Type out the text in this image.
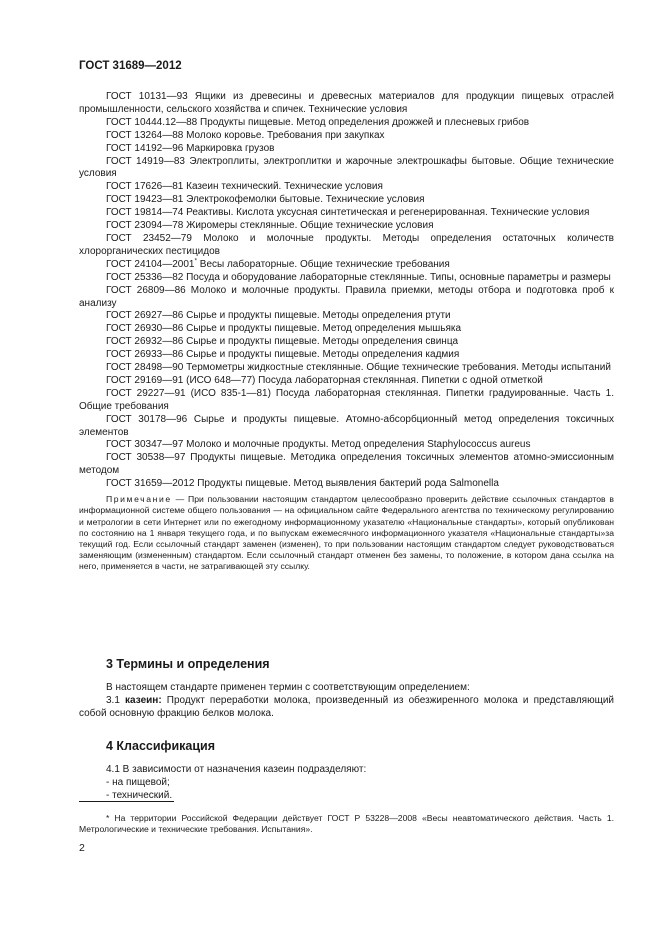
ГОСТ 31689—2012
ГОСТ 10131—93 Ящики из древесины и древесных материалов для продукции пищевых отраслей промышленности, сельского хозяйства и спичек. Технические условия
ГОСТ 10444.12—88 Продукты пищевые. Метод определения дрожжей и плесневых грибов
ГОСТ 13264—88 Молоко коровье. Требования при закупках
ГОСТ 14192—96 Маркировка грузов
ГОСТ 14919—83 Электроплиты, электроплитки и жарочные электрошкафы бытовые. Общие технические условия
ГОСТ 17626—81 Казеин технический. Технические условия
ГОСТ 19423—81 Электрокофемолки бытовые. Технические условия
ГОСТ 19814—74 Реактивы. Кислота уксусная синтетическая и регенерированная. Технические условия
ГОСТ 23094—78 Жиромеры стеклянные. Общие технические условия
ГОСТ 23452—79 Молоко и молочные продукты. Методы определения остаточных количеств хлорорганических пестицидов
ГОСТ 24104—2001* Весы лабораторные. Общие технические требования
ГОСТ 25336—82 Посуда и оборудование лабораторные стеклянные. Типы, основные параметры и размеры
ГОСТ 26809—86 Молоко и молочные продукты. Правила приемки, методы отбора и подготовка проб к анализу
ГОСТ 26927—86 Сырье и продукты пищевые. Методы определения ртути
ГОСТ 26930—86 Сырье и продукты пищевые. Метод определения мышьяка
ГОСТ 26932—86 Сырье и продукты пищевые. Методы определения свинца
ГОСТ 26933—86 Сырье и продукты пищевые. Методы определения кадмия
ГОСТ 28498—90 Термометры жидкостные стеклянные. Общие технические требования. Методы испытаний
ГОСТ 29169—91 (ИСО 648—77) Посуда лабораторная стеклянная. Пипетки с одной отметкой
ГОСТ 29227—91 (ИСО 835-1—81) Посуда лабораторная стеклянная. Пипетки градуированные. Часть 1. Общие требования
ГОСТ 30178—96 Сырье и продукты пищевые. Атомно-абсорбционный метод определения токсичных элементов
ГОСТ 30347—97 Молоко и молочные продукты. Метод определения Staphylococcus aureus
ГОСТ 30538—97 Продукты пищевые. Методика определения токсичных элементов атомно-эмиссионным методом
ГОСТ 31659—2012 Продукты пищевые. Метод выявления бактерий рода Salmonella
Примечание — При пользовании настоящим стандартом целесообразно проверить действие ссылочных стандартов в информационной системе общего пользования — на официальном сайте Федерального агентства по техническому регулированию и метрологии в сети Интернет или по ежегодному информационному указателю «Национальные стандарты», который опубликован по состоянию на 1 января текущего года, и по выпускам ежемесячного информационного указателя «Национальные стандарты»за текущий год. Если ссылочный стандарт заменен (изменен), то при пользовании настоящим стандартом следует руководствоваться заменяющим (измененным) стандартом. Если ссылочный стандарт отменен без замены, то положение, в котором дана ссылка на него, применяется в части, не затрагивающей эту ссылку.
3 Термины и определения
В настоящем стандарте применен термин с соответствующим определением:
3.1 казеин: Продукт переработки молока, произведенный из обезжиренного молока и представляющий собой основную фракцию белков молока.
4 Классификация
4.1 В зависимости от назначения казеин подразделяют:
- на пищевой;
- технический.
* На территории Российской Федерации действует ГОСТ Р 53228—2008 «Весы неавтоматического действия. Часть 1. Метрологические и технические требования. Испытания».
2
